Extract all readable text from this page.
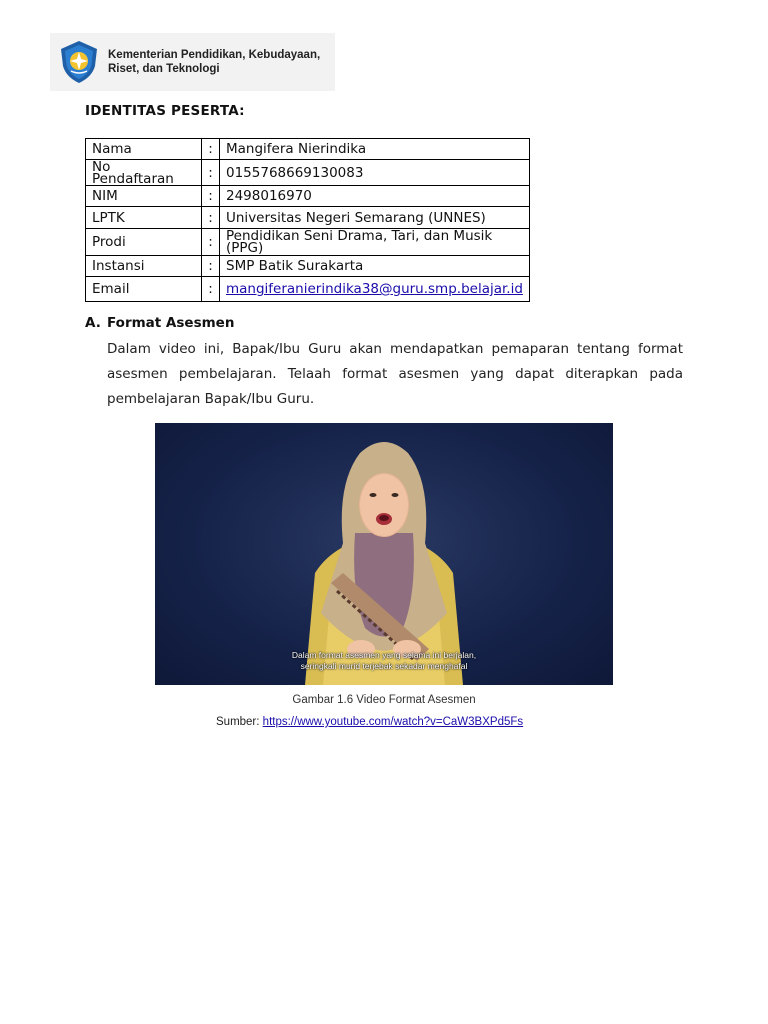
Kementerian Pendidikan, Kebudayaan,
Riset, dan Teknologi
IDENTITAS PESERTA:
Nama	:	Mangifera Nierindika
No Pendaftaran	:	0155768669130083
NIM	:	2498016970
LPTK	:	Universitas Negeri Semarang (UNNES)
Prodi	:	Pendidikan Seni Drama, Tari, dan Musik (PPG)
Instansi	:	SMP Batik Surakarta
Email	:	mangiferanierindika38@guru.smp.belajar.id
A. Format Asesmen
Dalam video ini, Bapak/Ibu Guru akan mendapatkan pemaparan tentang format asesmen pembelajaran. Telaah format asesmen yang dapat diterapkan pada pembelajaran Bapak/Ibu Guru.
Dalam format asesmen yang selama ini berjalan,
seringkali murid terjebak sekadar menghafal
Gambar 1.6 Video Format Asesmen
Sumber: https://www.youtube.com/watch?v=CaW3BXPd5Fs
